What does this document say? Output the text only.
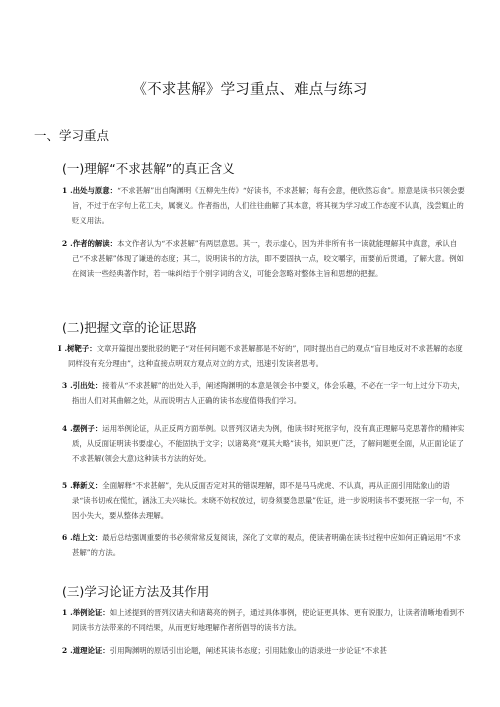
《不求甚解》学习重点、难点与练习
一、学习重点
(一)理解“不求甚解”的真正含义
1 .出处与原意：“不求甚解”出自陶渊明《五柳先生传》“好读书，不求甚解；每有会意，便欣然忘食”。原意是读书只领会要旨，不过于在字句上花工夫，属褒义。作者指出，人们往往曲解了其本意，将其视为学习或工作态度不认真，浅尝辄止的贬义用法。
2 .作者的解读：本文作者认为“不求甚解”有两层意思。其一，表示虚心，因为并非所有书一读就能理解其中真意，承认自己“不求甚解”体现了谦逊的态度；其二，说明读书的方法，即不要固执一点，咬文嚼字，而要前后贯通，了解大意。例如在阅读一些经典著作时，若一味纠结于个别字词的含义，可能会忽略对整体主旨和思想的把握。
(二)把握文章的论证思路
I .树靶子：文章开篇提出要批驳的靶子“对任何问题不求甚解都是不好的”，同时提出自己的观点“盲目地反对不求甚解的态度同样没有充分理由”，这种直接点明双方观点对立的方式，迅速引发读者思考。
3 .引出处：接着从“不求甚解”的出处入手，阐述陶渊明的本意是领会书中要义，体会乐趣，不必在一字一句上过分下功夫，指出人们对其曲解之处，从而说明古人正确的读书态度值得我们学习。
4 .摆例子：运用举例论证，从正反两方面举例。以晋列汉诸夫为例，他读书时死抠字句，没有真正理解马克思著作的精神实质，从反面证明读书要虚心，不能固执于文字；以诸葛亮“观其大略”读书，知识更广泛，了解问题更全面，从正面论证了不求甚解(领会大意)这种读书方法的好处。
5 .释新义：全面解释“不求甚解”，先从反面否定对其的错误理解，即不是马马虎虎、不认真，再从正面引用陆象山的语录“读书切戒在慌忙，涵泳工夫兴味长。未晓不妨权放过，切身须要急思量”佐证，进一步说明读书不要死抠一字一句，不因小失大，要从整体去理解。
6 .结上文：最后总结强调重要的书必须常常反复阅读，深化了文章的观点，使读者明确在读书过程中应如何正确运用“不求甚解”的方法。
(三)学习论证方法及其作用
1 .举例论证：如上述提到的晋列汉诸夫和诸葛亮的例子，通过具体事例，使论证更具体、更有说服力，让读者清晰地看到不同读书方法带来的不同结果，从而更好地理解作者所倡导的读书方法。
2 .道理论证：引用陶渊明的原话引出论题，阐述其读书态度；引用陆象山的语录进一步论证“不求甚
